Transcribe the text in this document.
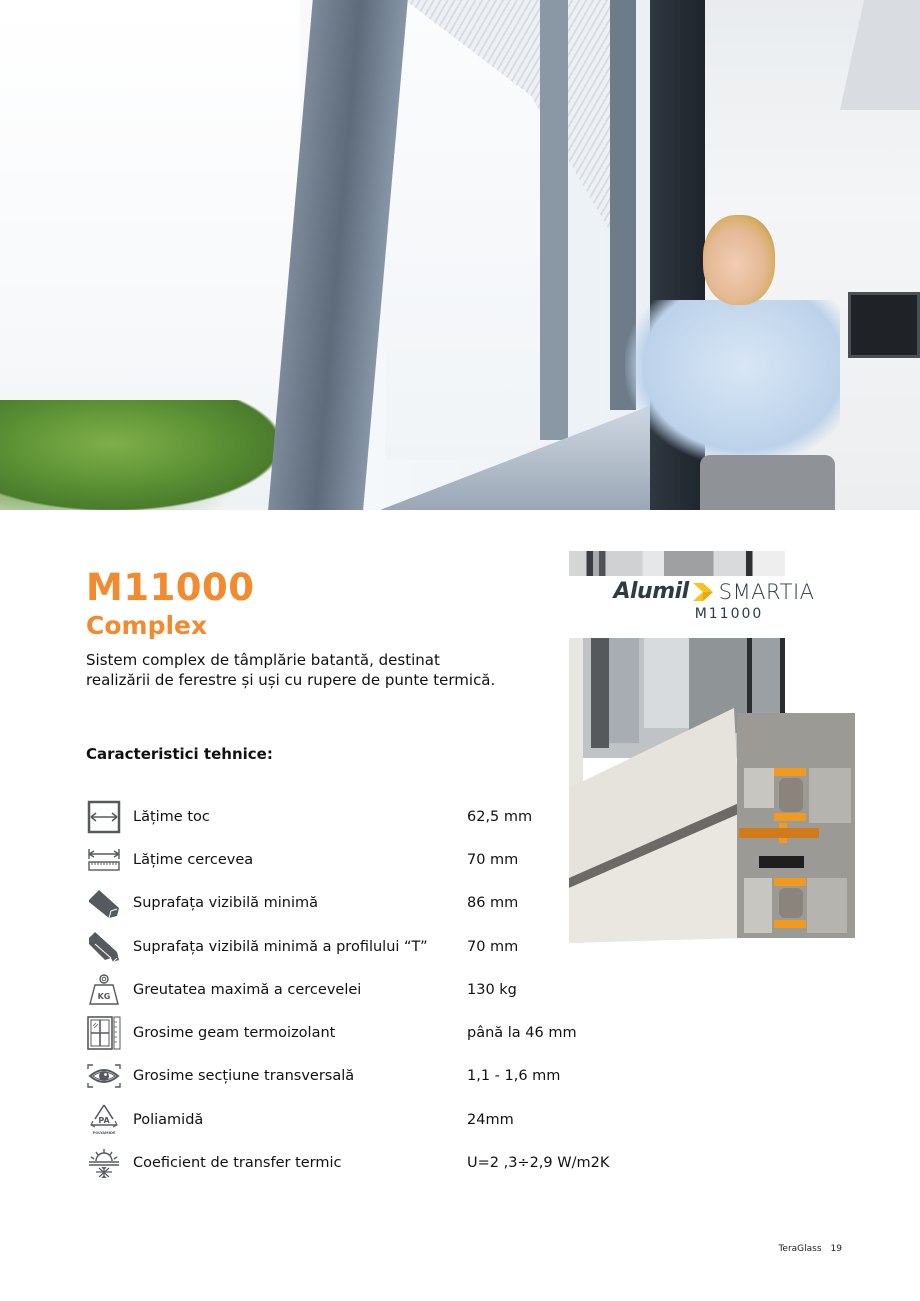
M11000
Complex

Sistem complex de tâmplărie batantă, destinat realizării de ferestre și uși cu rupere de punte termică.

Caracteristici tehnice:
Lățime toc	62,5 mm
Lățime cercevea	70 mm
Suprafața vizibilă minimă	86 mm
Suprafața vizibilă minimă a profilului “T”	70 mm
KG Greutatea maximă a cercevelei	130 kg
Grosime geam termoizolant	până la 46 mm
Grosime secțiune transversală	1,1 - 1,6 mm
PA
POLYAMIDE
Poliamidă	24mm
Coeficient de transfer termic	U=2 ,3÷2,9 W/m2K
Alumil SMARTIA
M11000
TeraGlass 19
